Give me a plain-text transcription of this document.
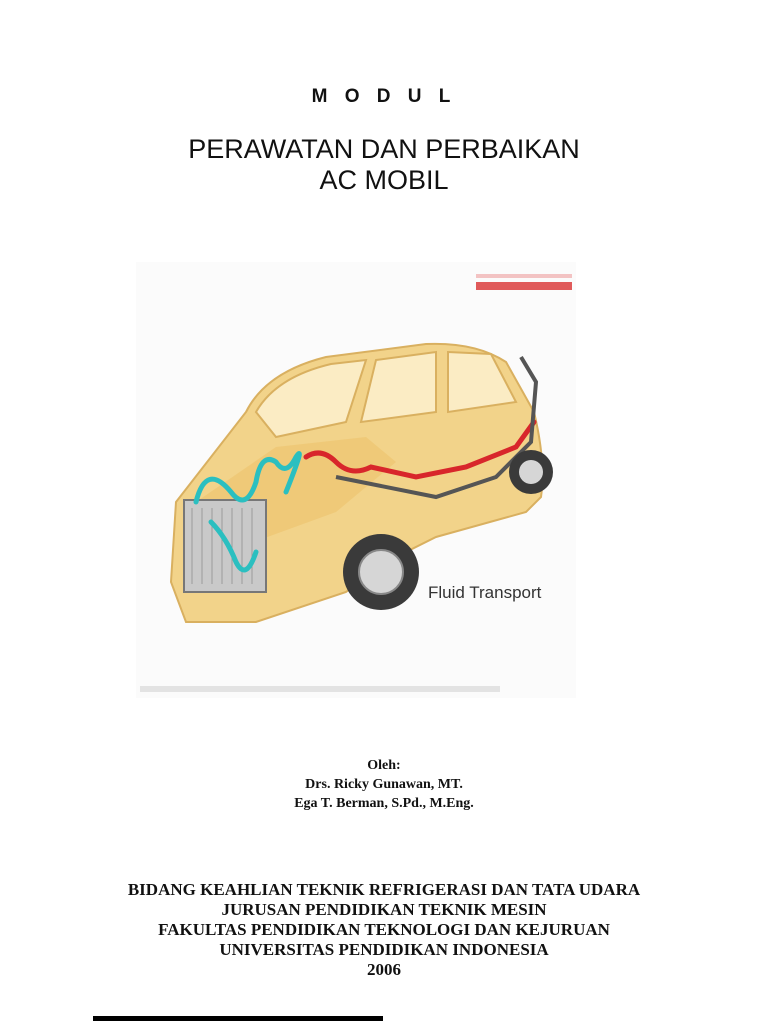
M O D U L
PERAWATAN DAN PERBAIKAN
AC MOBIL
Fluid Transport
Oleh:
Drs. Ricky Gunawan, MT.
Ega T. Berman, S.Pd., M.Eng.
BIDANG KEAHLIAN TEKNIK REFRIGERASI DAN TATA UDARA
JURUSAN PENDIDIKAN TEKNIK MESIN
FAKULTAS PENDIDIKAN TEKNOLOGI DAN KEJURUAN
UNIVERSITAS PENDIDIKAN INDONESIA
2006
